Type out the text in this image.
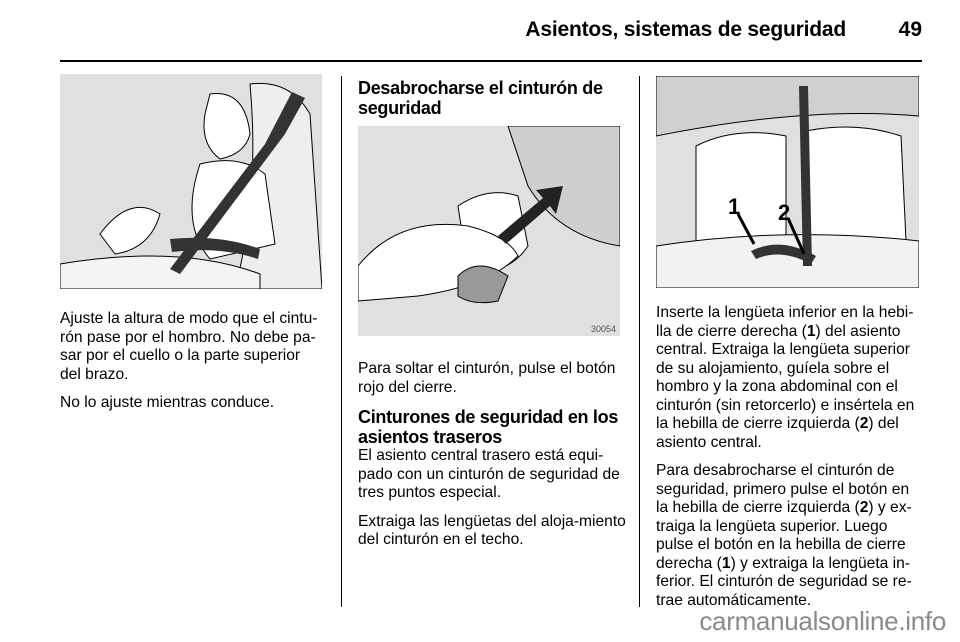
Asientos, sistemas de seguridad	49

Ajuste la altura de modo que el cintu-rón pase por el hombro. No debe pa-sar por el cuello o la parte superior del brazo.

No lo ajuste mientras conduce.

Desabrocharse el cinturón de seguridad
30054

Para soltar el cinturón, pulse el botón rojo del cierre.

Cinturones de seguridad en los asientos traseros

El asiento central trasero está equi-pado con un cinturón de seguridad de tres puntos especial.

Extraiga las lengüetas del aloja-miento del cinturón en el techo.

1 2

Inserte la lengüeta inferior en la hebi-lla de cierre derecha (1) del asiento central. Extraiga la lengüeta superior de su alojamiento, guíela sobre el hombro y la zona abdominal con el cinturón (sin retorcerlo) e insértela en la hebilla de cierre izquierda (2) del asiento central.

Para desabrocharse el cinturón de seguridad, primero pulse el botón en la hebilla de cierre izquierda (2) y ex-traiga la lengüeta superior. Luego pulse el botón en la hebilla de cierre derecha (1) y extraiga la lengüeta in-ferior. El cinturón de seguridad se re-trae automáticamente.

carmanualsonline.info
